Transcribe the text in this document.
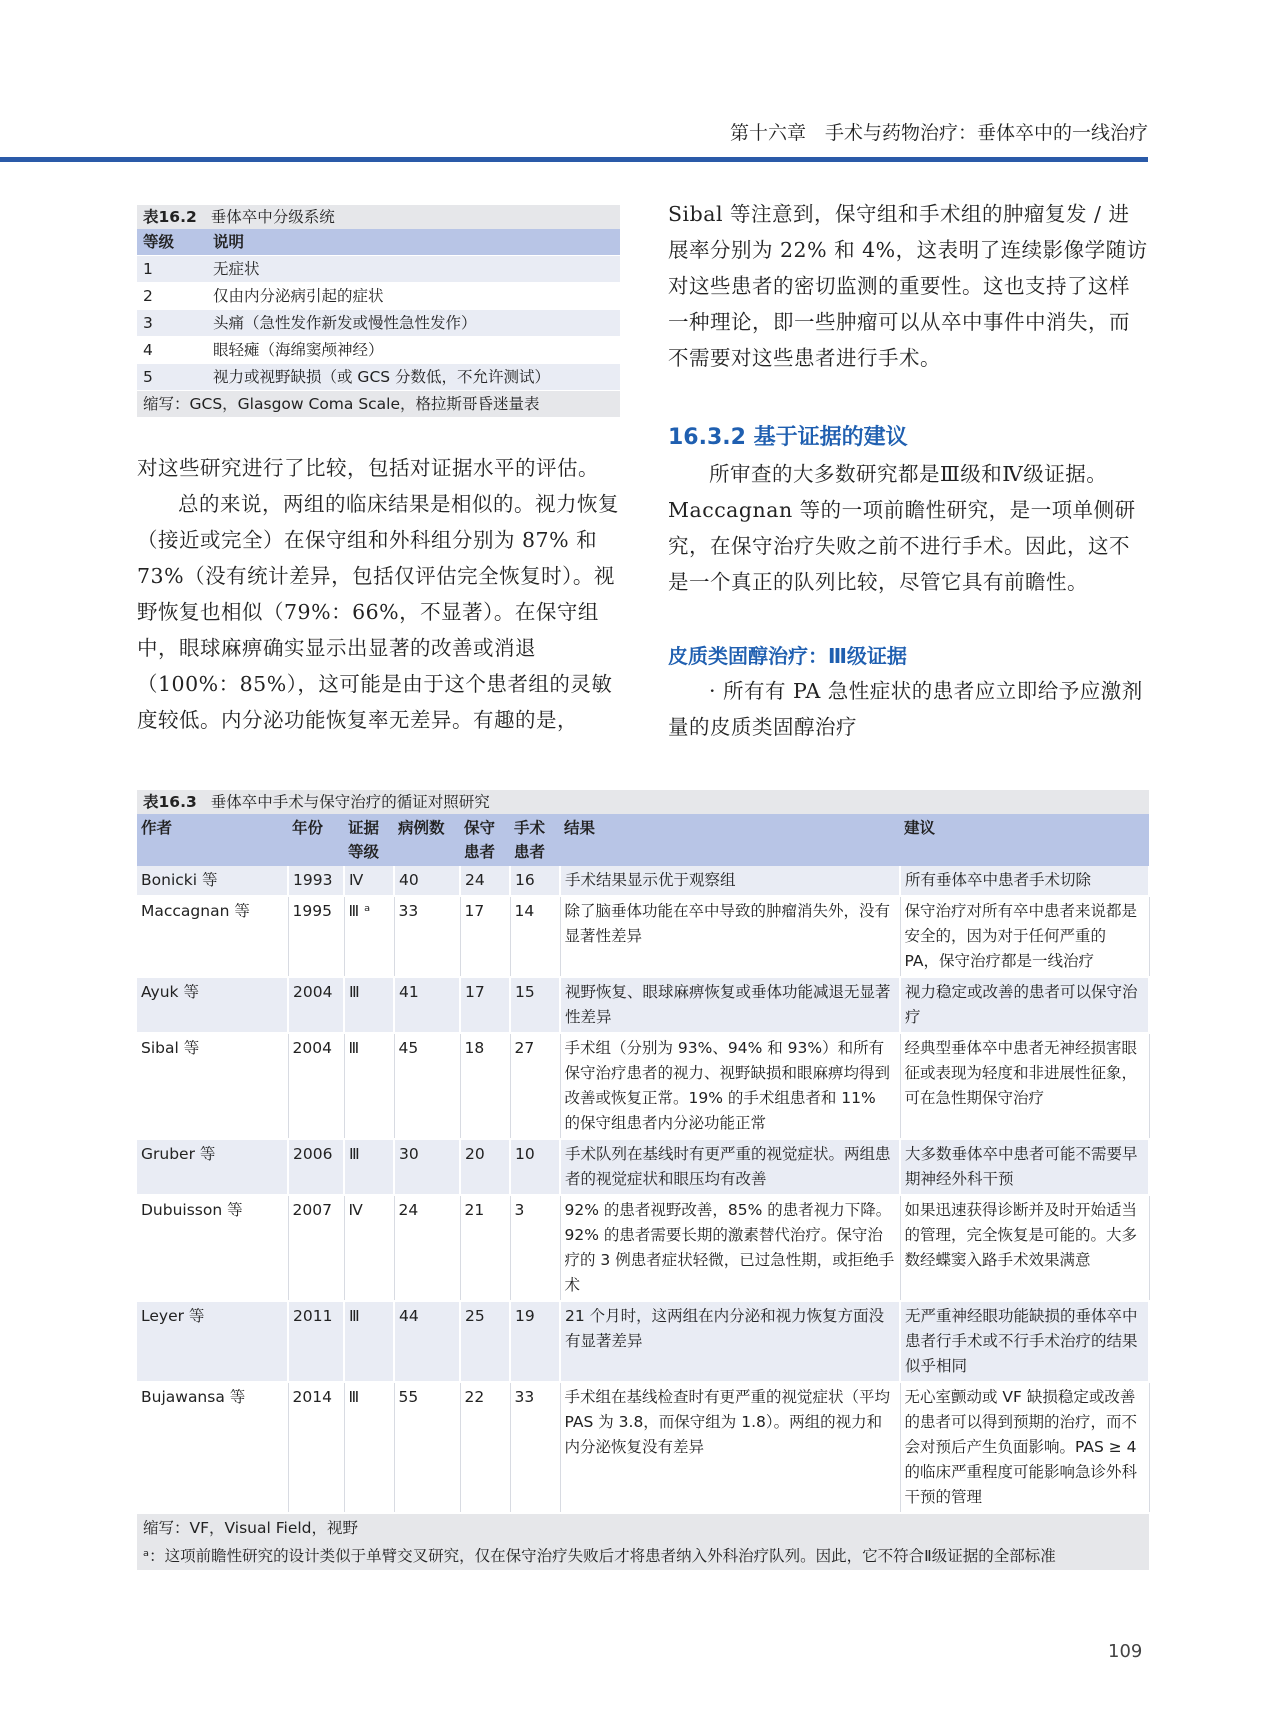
第十六章　手术与药物治疗：垂体卒中的一线治疗
表16.2 垂体卒中分级系统
等级	说明
1	无症状
2	仅由内分泌病引起的症状
3	头痛（急性发作新发或慢性急性发作）
4	眼轻瘫（海绵窦颅神经）
5	视力或视野缺损（或 GCS 分数低，不允许测试）
缩写：GCS，Glasgow Coma Scale，格拉斯哥昏迷量表
对这些研究进行了比较，包括对证据水平的评估。
总的来说，两组的临床结果是相似的。视力恢复（接近或完全）在保守组和外科组分别为 87% 和 73%（没有统计差异，包括仅评估完全恢复时）。视野恢复也相似（79%：66%，不显著）。在保守组中，眼球麻痹确实显示出显著的改善或消退（100%：85%），这可能是由于这个患者组的灵敏度较低。内分泌功能恢复率无差异。有趣的是，
Sibal 等注意到，保守组和手术组的肿瘤复发 / 进展率分别为 22% 和 4%，这表明了连续影像学随访对这些患者的密切监测的重要性。这也支持了这样一种理论，即一些肿瘤可以从卒中事件中消失，而不需要对这些患者进行手术。
16.3.2 基于证据的建议
所审查的大多数研究都是Ⅲ级和Ⅳ级证据。Maccagnan 等的一项前瞻性研究，是一项单侧研究，在保守治疗失败之前不进行手术。因此，这不是一个真正的队列比较，尽管它具有前瞻性。
皮质类固醇治疗：Ⅲ级证据
· 所有有 PA 急性症状的患者应立即给予应激剂量的皮质类固醇治疗
表16.3 垂体卒中手术与保守治疗的循证对照研究
作者	年份	证据等级	病例数	保守患者	手术患者	结果	建议
Bonicki 等	1993	Ⅳ	40	24	16	手术结果显示优于观察组	所有垂体卒中患者手术切除
Maccagnan 等	1995	Ⅲ ᵃ	33	17	14	除了脑垂体功能在卒中导致的肿瘤消失外，没有显著性差异	保守治疗对所有卒中患者来说都是安全的，因为对于任何严重的 PA，保守治疗都是一线治疗
Ayuk 等	2004	Ⅲ	41	17	15	视野恢复、眼球麻痹恢复或垂体功能减退无显著性差异	视力稳定或改善的患者可以保守治疗
Sibal 等	2004	Ⅲ	45	18	27	手术组（分别为 93%、94% 和 93%）和所有保守治疗患者的视力、视野缺损和眼麻痹均得到改善或恢复正常。19% 的手术组患者和 11% 的保守组患者内分泌功能正常	经典型垂体卒中患者无神经损害眼征或表现为轻度和非进展性征象，可在急性期保守治疗
Gruber 等	2006	Ⅲ	30	20	10	手术队列在基线时有更严重的视觉症状。两组患者的视觉症状和眼压均有改善	大多数垂体卒中患者可能不需要早期神经外科干预
Dubuisson 等	2007	Ⅳ	24	21	3	92% 的患者视野改善，85% 的患者视力下降。92% 的患者需要长期的激素替代治疗。保守治疗的 3 例患者症状轻微，已过急性期，或拒绝手术	如果迅速获得诊断并及时开始适当的管理，完全恢复是可能的。大多数经蝶窦入路手术效果满意
Leyer 等	2011	Ⅲ	44	25	19	21 个月时，这两组在内分泌和视力恢复方面没有显著差异	无严重神经眼功能缺损的垂体卒中患者行手术或不行手术治疗的结果似乎相同
Bujawansa 等	2014	Ⅲ	55	22	33	手术组在基线检查时有更严重的视觉症状（平均 PAS 为 3.8，而保守组为 1.8）。两组的视力和内分泌恢复没有差异	无心室颤动或 VF 缺损稳定或改善的患者可以得到预期的治疗，而不会对预后产生负面影响。PAS ≥ 4 的临床严重程度可能影响急诊外科干预的管理
缩写：VF，Visual Field，视野
ᵃ：这项前瞻性研究的设计类似于单臂交叉研究，仅在保守治疗失败后才将患者纳入外科治疗队列。因此，它不符合Ⅱ级证据的全部标准
109
